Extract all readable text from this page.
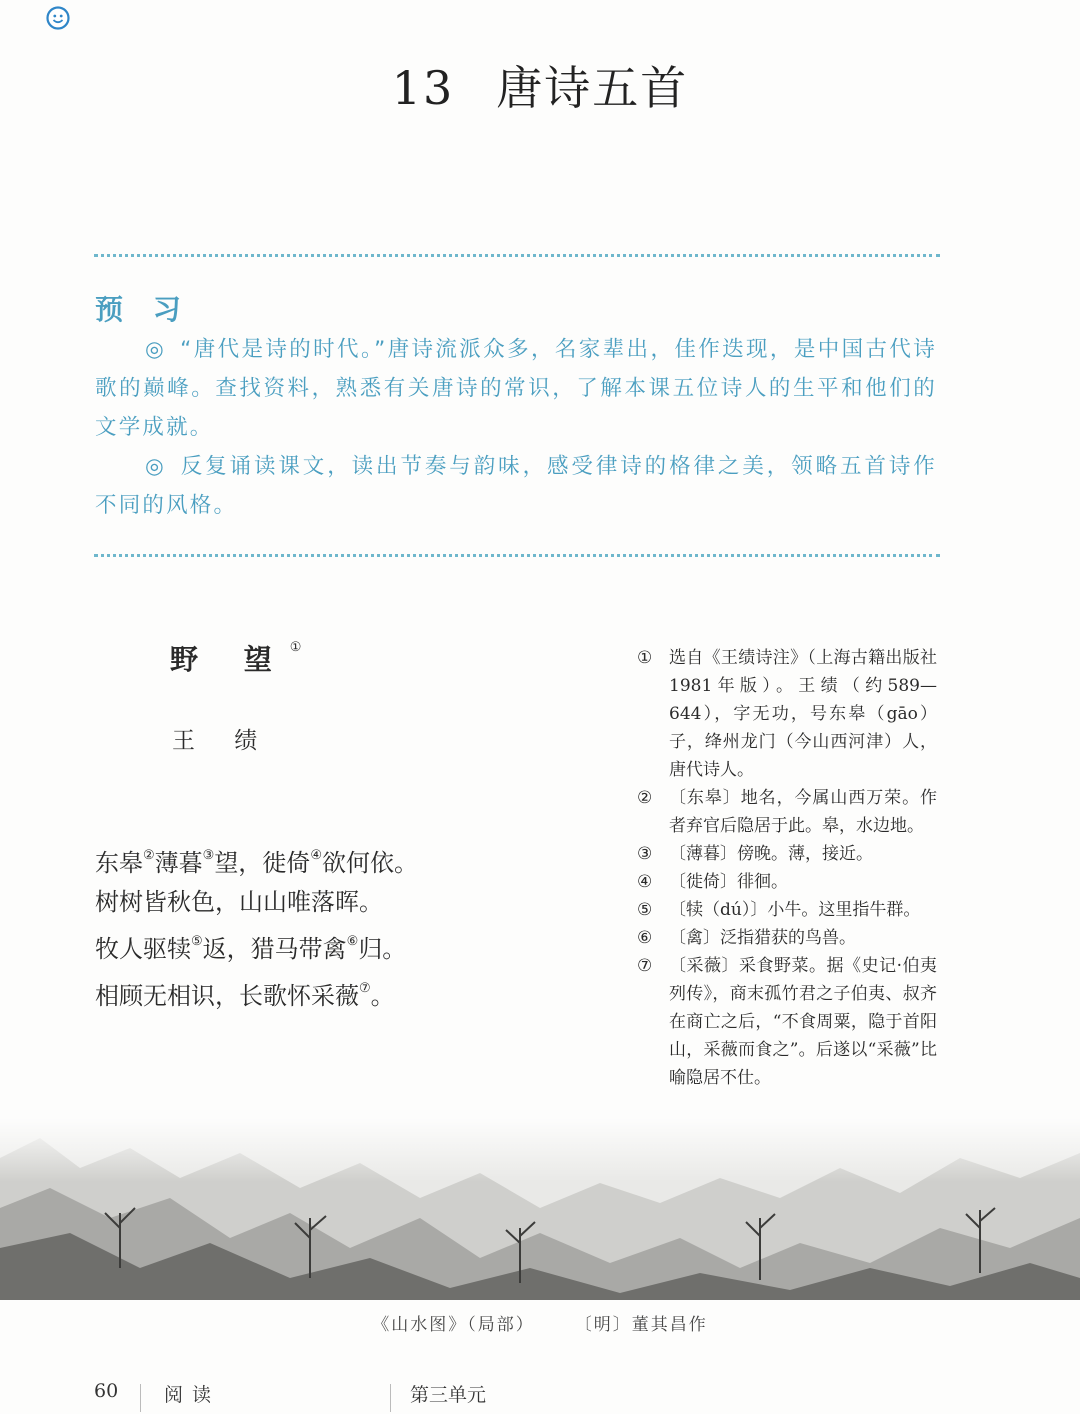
13 唐诗五首
预 习
◎ “唐代是诗的时代。”唐诗流派众多，名家辈出，佳作迭现，是中国古代诗歌的巅峰。查找资料，熟悉有关唐诗的常识，了解本课五位诗人的生平和他们的文学成就。
◎ 反复诵读课文，读出节奏与韵味，感受律诗的格律之美，领略五首诗作不同的风格。
野 望①
王 绩
东皋②薄暮③望，徙倚④欲何依。
树树皆秋色，山山唯落晖。
牧人驱犊⑤返，猎马带禽⑥归。
相顾无相识，长歌怀采薇⑦。
① 选自《王绩诗注》（上海古籍出版社1981年版）。王绩（约589—644），字无功，号东皋（gāo）子，绛州龙门（今山西河津）人，唐代诗人。
② 〔东皋〕地名，今属山西万荣。作者弃官后隐居于此。皋，水边地。
③ 〔薄暮〕傍晚。薄，接近。
④ 〔徙倚〕徘徊。
⑤ 〔犊（dú）〕小牛。这里指牛群。
⑥ 〔禽〕泛指猎获的鸟兽。
⑦ 〔采薇〕采食野菜。据《史记·伯夷列传》，商末孤竹君之子伯夷、叔齐在商亡之后，“不食周粟，隐于首阳山，采薇而食之”。后遂以“采薇”比喻隐居不仕。
《山水图》（局部） 〔明〕董其昌作
60 阅读	第三单元
